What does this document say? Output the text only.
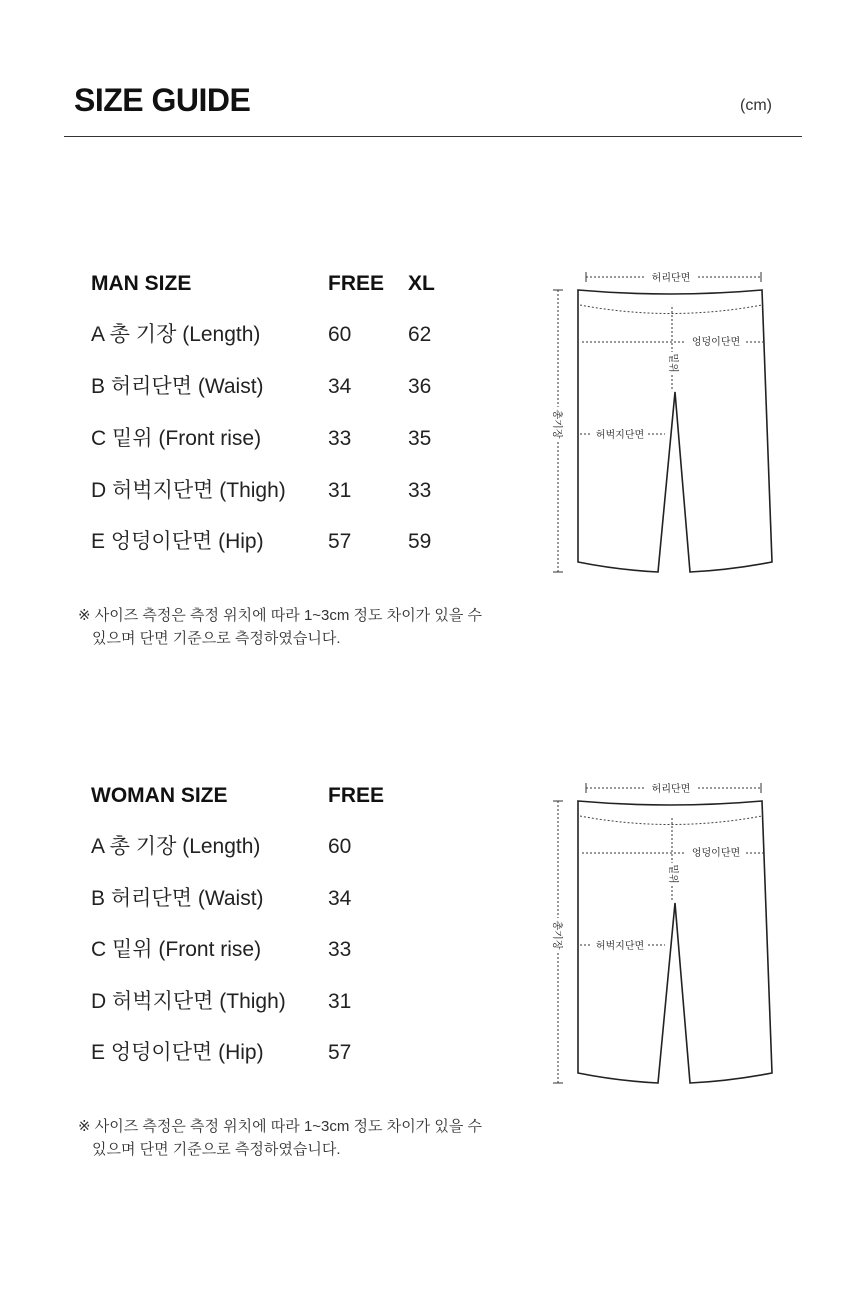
SIZE GUIDE	(cm)
MAN SIZE	FREE XL
A 총 기장 (Length)	60	62
B 허리단면 (Waist)	34	36
C 밑위 (Front rise)	33	35
D 허벅지단면 (Thigh) 31	33
E 엉덩이단면 (Hip)	57	59
※ 사이즈 측정은 측정 위치에 따라 1~3cm 정도 차이가 있을 수
있으며 단면 기준으로 측정하였습니다.
허리단면
총기장
엉덩이단면
밑위
허벅지단면
WOMAN SIZE	FREE
A 총 기장 (Length)	60
B 허리단면 (Waist)	34
C 밑위 (Front rise)	33
D 허벅지단면 (Thigh) 31
E 엉덩이단면 (Hip)	57
※ 사이즈 측정은 측정 위치에 따라 1~3cm 정도 차이가 있을 수
있으며 단면 기준으로 측정하였습니다.
허리단면
총기장
엉덩이단면
밑위
허벅지단면
